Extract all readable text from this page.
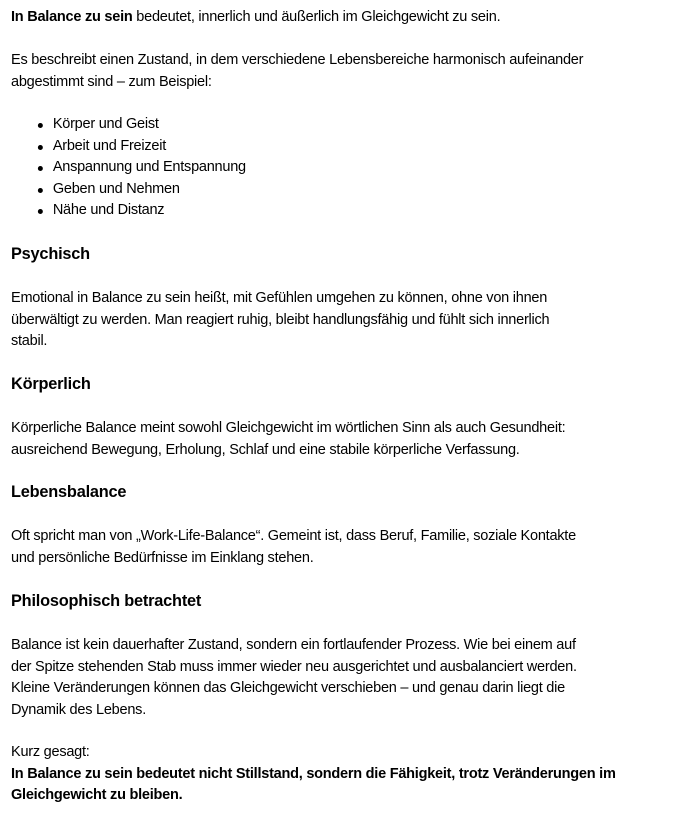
In Balance zu sein bedeutet, innerlich und äußerlich im Gleichgewicht zu sein.
Es beschreibt einen Zustand, in dem verschiedene Lebensbereiche harmonisch aufeinander
abgestimmt sind – zum Beispiel:
Körper und Geist
Arbeit und Freizeit
Anspannung und Entspannung
Geben und Nehmen
Nähe und Distanz
Psychisch
Emotional in Balance zu sein heißt, mit Gefühlen umgehen zu können, ohne von ihnen
überwältigt zu werden. Man reagiert ruhig, bleibt handlungsfähig und fühlt sich innerlich
stabil.
Körperlich
Körperliche Balance meint sowohl Gleichgewicht im wörtlichen Sinn als auch Gesundheit:
ausreichend Bewegung, Erholung, Schlaf und eine stabile körperliche Verfassung.
Lebensbalance
Oft spricht man von „Work-Life-Balance“. Gemeint ist, dass Beruf, Familie, soziale Kontakte
und persönliche Bedürfnisse im Einklang stehen.
Philosophisch betrachtet
Balance ist kein dauerhafter Zustand, sondern ein fortlaufender Prozess. Wie bei einem auf
der Spitze stehenden Stab muss immer wieder neu ausgerichtet und ausbalanciert werden.
Kleine Veränderungen können das Gleichgewicht verschieben – und genau darin liegt die
Dynamik des Lebens.
Kurz gesagt:
In Balance zu sein bedeutet nicht Stillstand, sondern die Fähigkeit, trotz Veränderungen im
Gleichgewicht zu bleiben.
